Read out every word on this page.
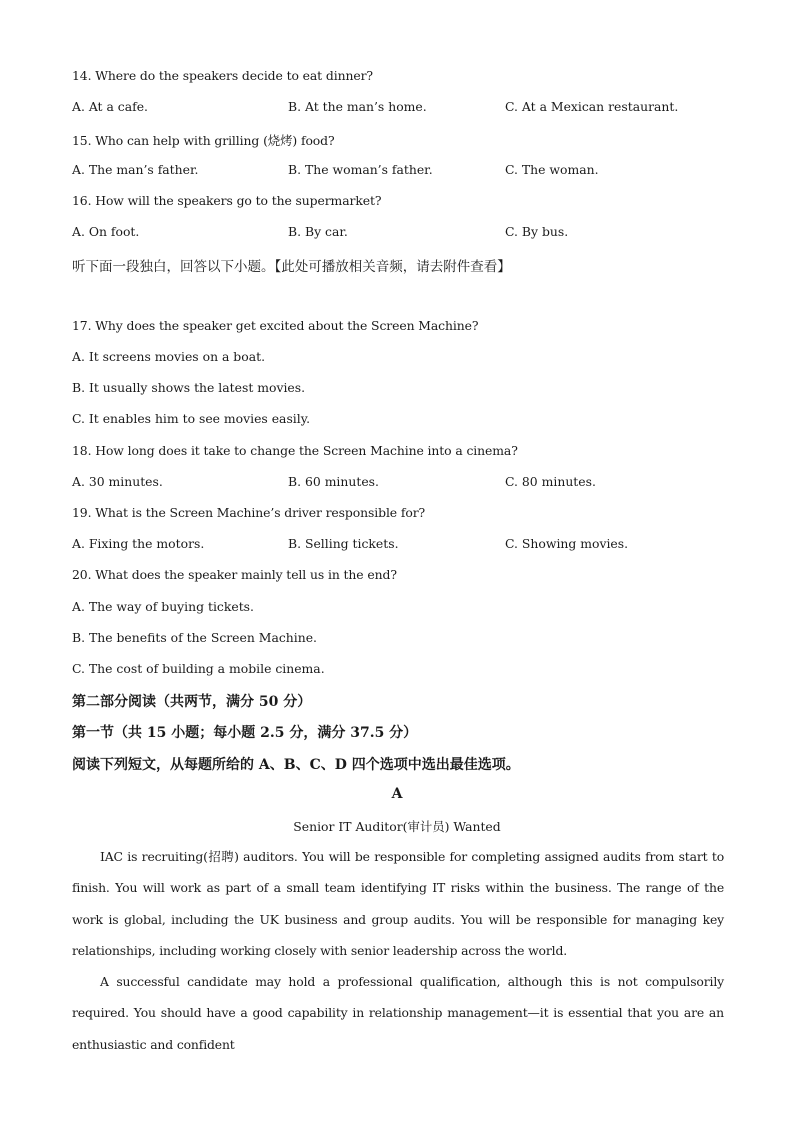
14. Where do the speakers decide to eat dinner?
A. At a cafe.	B. At the man’s home.	C. At a Mexican restaurant.
15. Who can help with grilling (烧烤) food?
A. The man’s father.	B. The woman’s father.	C. The woman.
16. How will the speakers go to the supermarket?
A. On foot.	B. By car.	C. By bus.
听下面一段独白，回答以下小题。【此处可播放相关音频，请去附件查看】
17. Why does the speaker get excited about the Screen Machine?
A. It screens movies on a boat.
B. It usually shows the latest movies.
C. It enables him to see movies easily.
18. How long does it take to change the Screen Machine into a cinema?
A. 30 minutes.	B. 60 minutes.	C. 80 minutes.
19. What is the Screen Machine’s driver responsible for?
A. Fixing the motors.	B. Selling tickets.	C. Showing movies.
20. What does the speaker mainly tell us in the end?
A. The way of buying tickets.
B. The benefits of the Screen Machine.
C. The cost of building a mobile cinema.
第二部分阅读（共两节，满分 50 分）
第一节（共 15 小题；每小题 2.5 分，满分 37.5 分）
阅读下列短文，从每题所给的 A、B、C、D 四个选项中选出最佳选项。
A
Senior IT Auditor(审计员) Wanted
IAC is recruiting(招聘) auditors. You will be responsible for completing assigned audits from start to finish. You will work as part of a small team identifying IT risks within the business. The range of the work is global, including the UK business and group audits. You will be responsible for managing key relationships, including working closely with senior leadership across the world.
A successful candidate may hold a professional qualification, although this is not compulsorily required. You should have a good capability in relationship management—it is essential that you are an enthusiastic and confident
